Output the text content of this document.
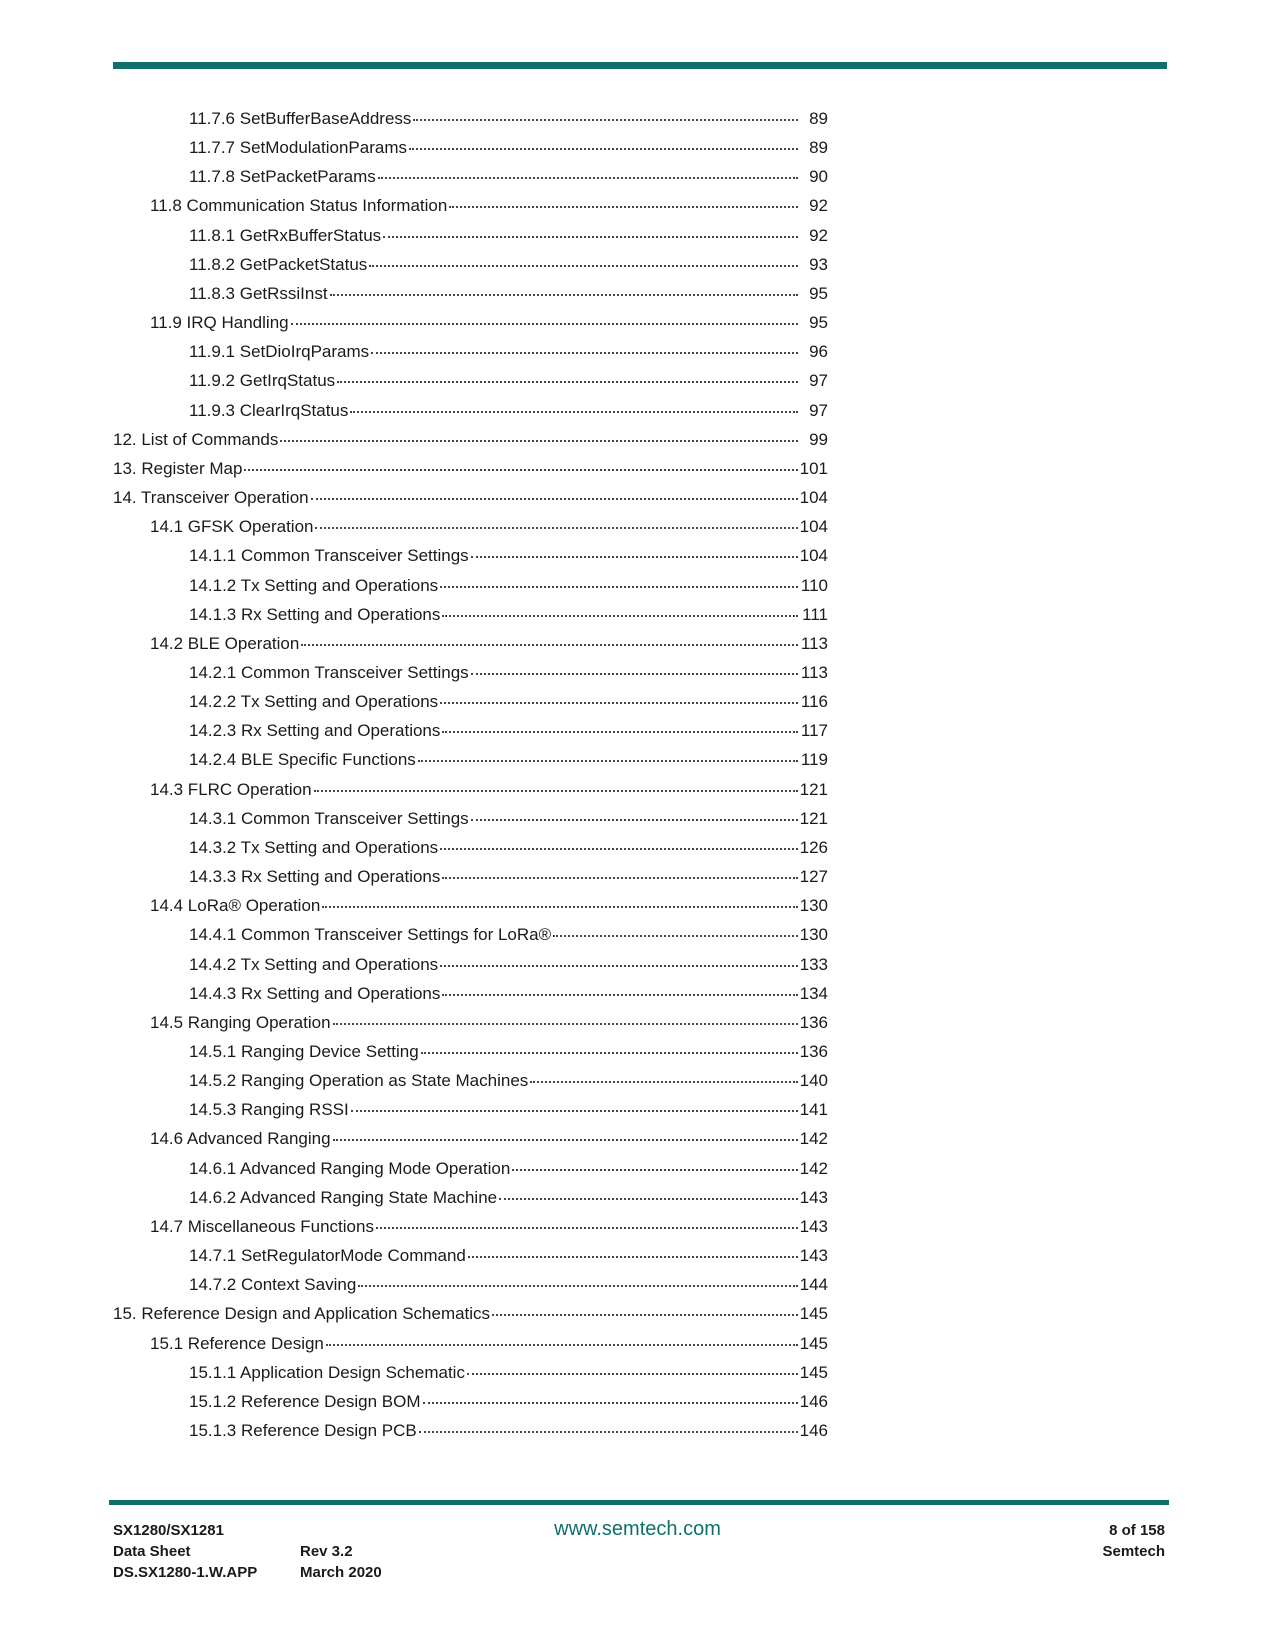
11.7.6 SetBufferBaseAddress	89
11.7.7 SetModulationParams	89
11.7.8 SetPacketParams	90
11.8 Communication Status Information	92
11.8.1 GetRxBufferStatus	92
11.8.2 GetPacketStatus	93
11.8.3 GetRssiInst	95
11.9 IRQ Handling	95
11.9.1 SetDioIrqParams	96
11.9.2 GetIrqStatus	97
11.9.3 ClearIrqStatus	97
12. List of Commands	99
13. Register Map	101
14. Transceiver Operation	104
14.1 GFSK Operation	104
14.1.1 Common Transceiver Settings	104
14.1.2 Tx Setting and Operations	110
14.1.3 Rx Setting and Operations	111
14.2 BLE Operation	113
14.2.1 Common Transceiver Settings	113
14.2.2 Tx Setting and Operations	116
14.2.3 Rx Setting and Operations	117
14.2.4 BLE Specific Functions	119
14.3 FLRC Operation	121
14.3.1 Common Transceiver Settings	121
14.3.2 Tx Setting and Operations	126
14.3.3 Rx Setting and Operations	127
14.4 LoRa® Operation	130
14.4.1 Common Transceiver Settings for LoRa®	130
14.4.2 Tx Setting and Operations	133
14.4.3 Rx Setting and Operations	134
14.5 Ranging Operation	136
14.5.1 Ranging Device Setting	136
14.5.2 Ranging Operation as State Machines	140
14.5.3 Ranging RSSI	141
14.6 Advanced Ranging	142
14.6.1 Advanced Ranging Mode Operation	142
14.6.2 Advanced Ranging State Machine	143
14.7 Miscellaneous Functions	143
14.7.1 SetRegulatorMode Command	143
14.7.2 Context Saving	144
15. Reference Design and Application Schematics	145
15.1 Reference Design	145
15.1.1 Application Design Schematic	145
15.1.2 Reference Design BOM	146
15.1.3 Reference Design PCB	146
SX1280/SX1281
Data Sheet
DS.SX1280-1.W.APP
Rev 3.2
March 2020
www.semtech.com	8 of 158
Semtech
